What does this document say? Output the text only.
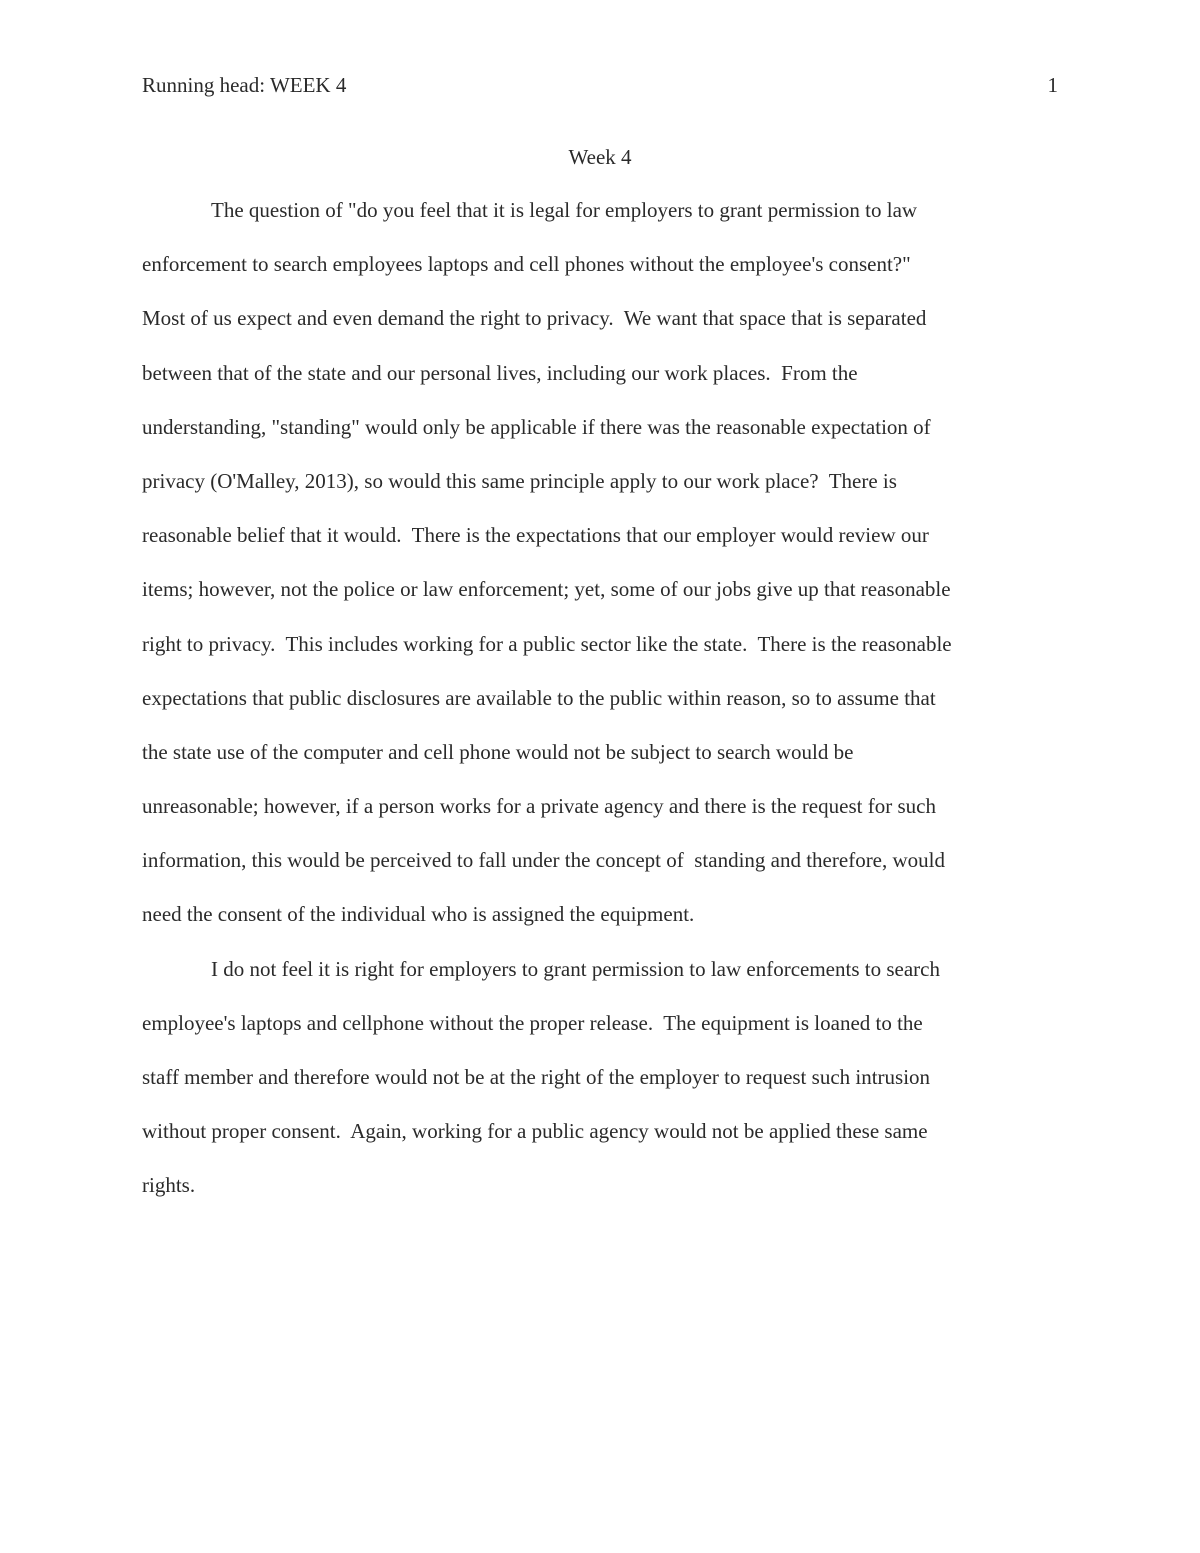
Running head: WEEK 4	1
Week 4
The question of "do you feel that it is legal for employers to grant permission to law
enforcement to search employees laptops and cell phones without the employee's consent?"
Most of us expect and even demand the right to privacy.  We want that space that is separated
between that of the state and our personal lives, including our work places.  From the
understanding, "standing" would only be applicable if there was the reasonable expectation of
privacy (O'Malley, 2013), so would this same principle apply to our work place?  There is
reasonable belief that it would.  There is the expectations that our employer would review our
items; however, not the police or law enforcement; yet, some of our jobs give up that reasonable
right to privacy.  This includes working for a public sector like the state.  There is the reasonable
expectations that public disclosures are available to the public within reason, so to assume that
the state use of the computer and cell phone would not be subject to search would be
unreasonable; however, if a person works for a private agency and there is the request for such
information, this would be perceived to fall under the concept of  standing and therefore, would
need the consent of the individual who is assigned the equipment.
I do not feel it is right for employers to grant permission to law enforcements to search
employee's laptops and cellphone without the proper release.  The equipment is loaned to the
staff member and therefore would not be at the right of the employer to request such intrusion
without proper consent.  Again, working for a public agency would not be applied these same
rights.
